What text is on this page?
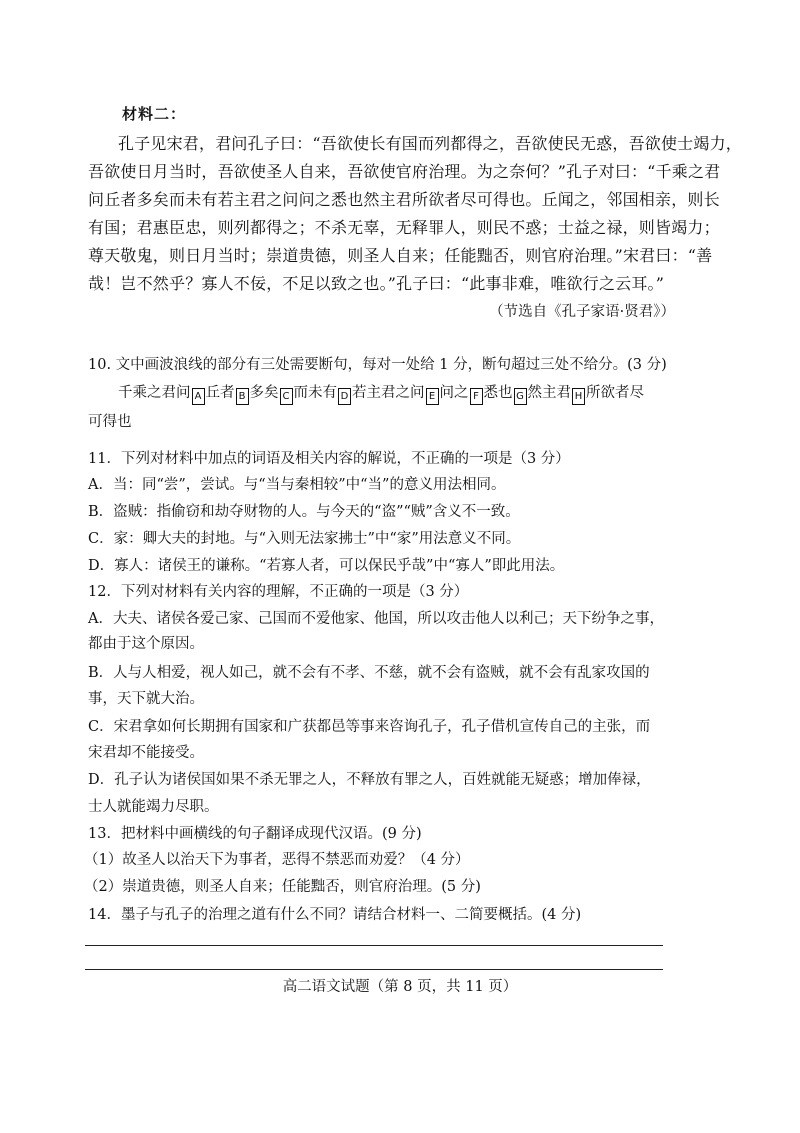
材料二：
孔子见宋君，君问孔子曰：“吾欲使长有国而列都得之，吾欲使民无惑，吾欲使士竭力，
吾欲使日月当时，吾欲使圣人自来，吾欲使官府治理。为之奈何？”孔子对曰：“千乘之君
问丘者多矣而未有若主君之问问之悉也然主君所欲者尽可得也。丘闻之，邻国相亲，则长
有国；君惠臣忠，则列都得之；不杀无辜，无释罪人，则民不惑；士益之禄，则皆竭力；
尊天敬鬼，则日月当时；崇道贵德，则圣人自来；任能黜否，则官府治理。”宋君曰：“善
哉！岂不然乎？寡人不佞，不足以致之也。”孔子曰：“此事非难，唯欲行之云耳。”
（节选自《孔子家语·贤君》）
10. 文中画波浪线的部分有三处需要断句，每对一处给 1 分，断句超过三处不给分。(3 分)
千乘之君问 A 丘者 B 多矣 C 而未有 D 若主君之问 E 问之 F 悉也 G 然主君 H 所欲者尽
可得也
11．下列对材料中加点的词语及相关内容的解说，不正确的一项是（3 分）
A．当：同“尝”，尝试。与“当与秦相较”中“当”的意义用法相同。
B．盗贼：指偷窃和劫夺财物的人。与今天的“盗”“贼”含义不一致。
C．家：卿大夫的封地。与“入则无法家拂士”中“家”用法意义不同。
D．寡人：诸侯王的谦称。“若寡人者，可以保民乎哉”中“寡人”即此用法。
12．下列对材料有关内容的理解，不正确的一项是（3 分）
A．大夫、诸侯各爱己家、己国而不爱他家、他国，所以攻击他人以利己；天下纷争之事，
都由于这个原因。
B．人与人相爱，视人如己，就不会有不孝、不慈，就不会有盗贼，就不会有乱家攻国的
事，天下就大治。
C．宋君拿如何长期拥有国家和广获都邑等事来咨询孔子，孔子借机宣传自己的主张，而
宋君却不能接受。
D．孔子认为诸侯国如果不杀无罪之人，不释放有罪之人，百姓就能无疑惑；增加俸禄，
士人就能竭力尽职。
13．把材料中画横线的句子翻译成现代汉语。(9 分)
（1）故圣人以治天下为事者，恶得不禁恶而劝爱？（4 分）
（2）崇道贵德，则圣人自来；任能黜否，则官府治理。(5 分)
14．墨子与孔子的治理之道有什么不同？请结合材料一、二简要概括。(4 分)
高二语文试题（第 8 页，共 11 页）
